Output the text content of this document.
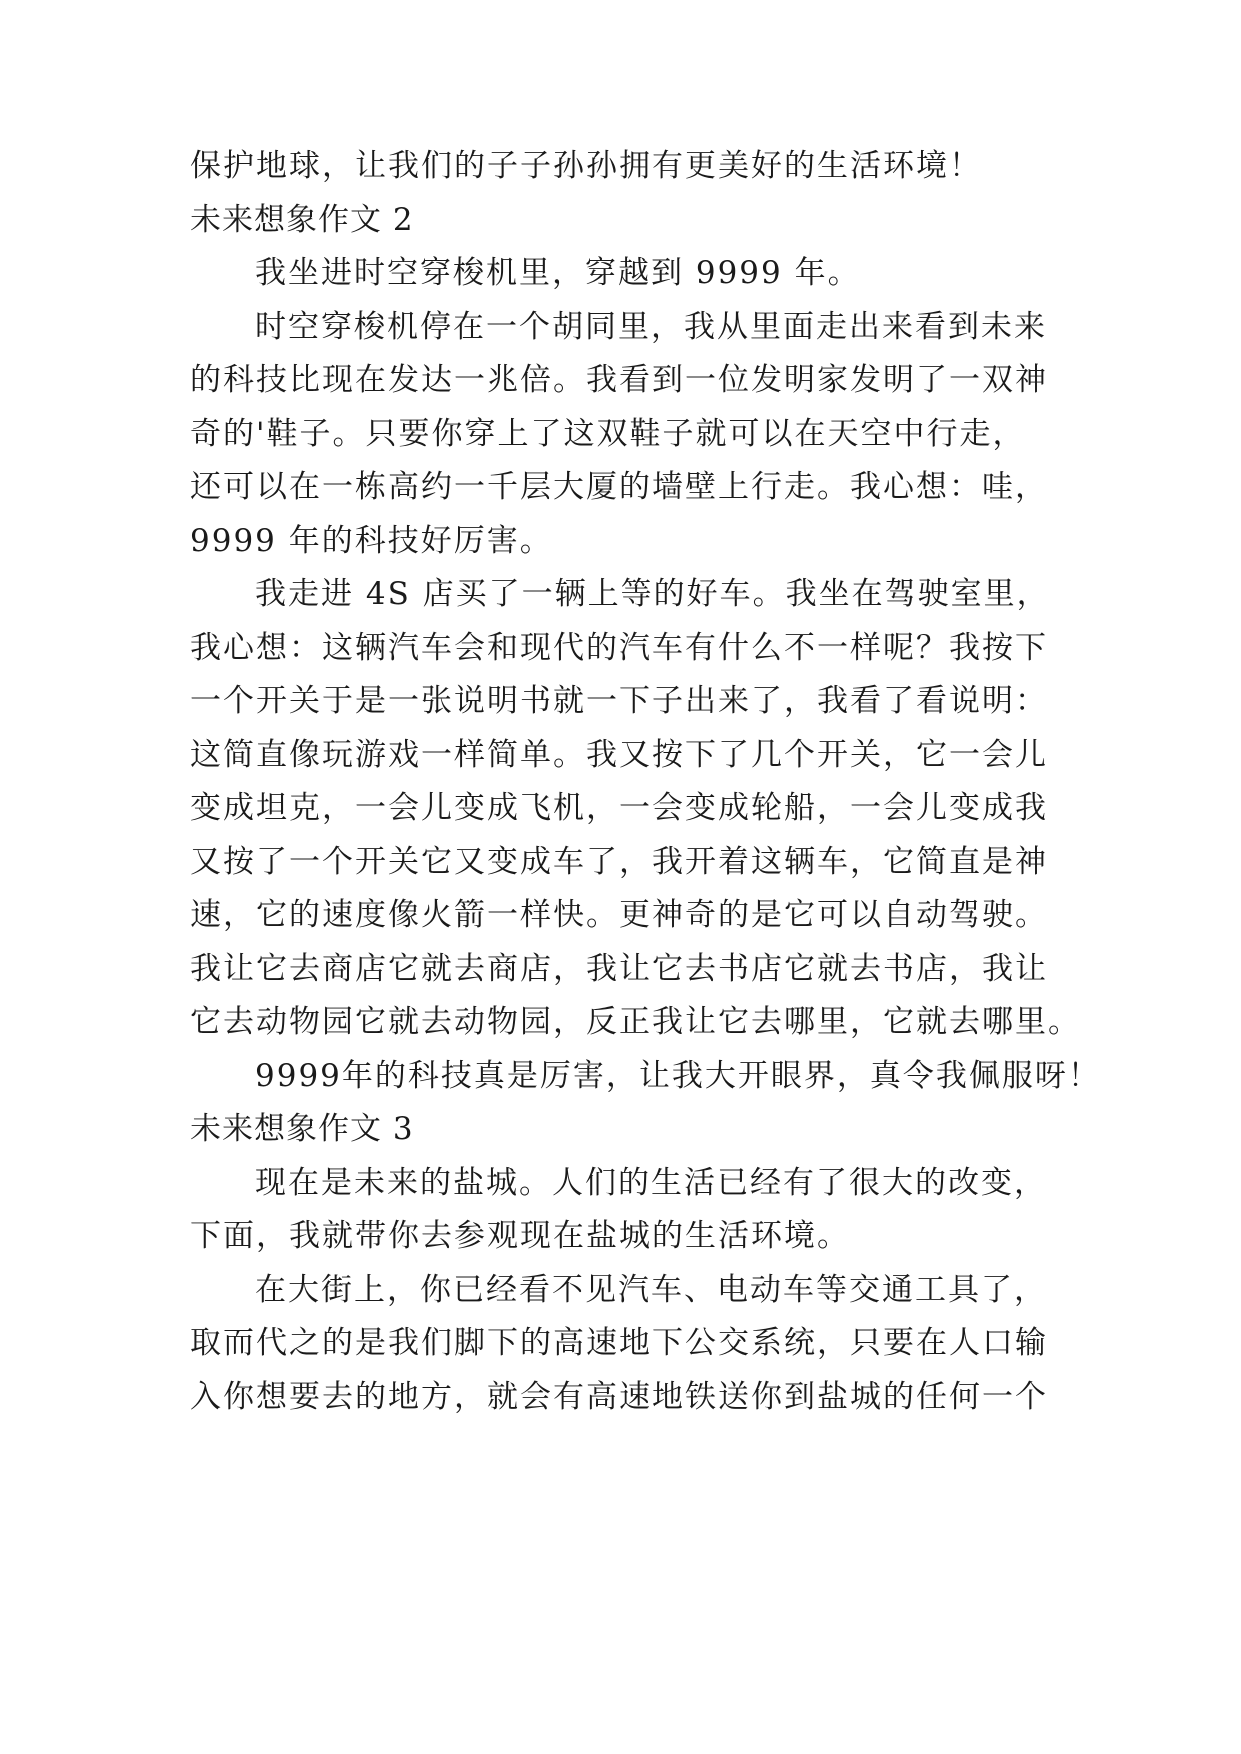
保护地球，让我们的子子孙孙拥有更美好的生活环境！
未来想象作文 2
我坐进时空穿梭机里，穿越到 9999 年。
时空穿梭机停在一个胡同里，我从里面走出来看到未来
的科技比现在发达一兆倍。我看到一位发明家发明了一双神
奇的'鞋子。只要你穿上了这双鞋子就可以在天空中行走，
还可以在一栋高约一千层大厦的墙壁上行走。我心想：哇，
9999 年的科技好厉害。
我走进 4S 店买了一辆上等的好车。我坐在驾驶室里，
我心想：这辆汽车会和现代的汽车有什么不一样呢？我按下
一个开关于是一张说明书就一下子出来了，我看了看说明：
这简直像玩游戏一样简单。我又按下了几个开关，它一会儿
变成坦克，一会儿变成飞机，一会变成轮船，一会儿变成我
又按了一个开关它又变成车了，我开着这辆车，它简直是神
速，它的速度像火箭一样快。更神奇的是它可以自动驾驶。
我让它去商店它就去商店，我让它去书店它就去书店，我让
它去动物园它就去动物园，反正我让它去哪里，它就去哪里。
9999年的科技真是厉害，让我大开眼界，真令我佩服呀！
未来想象作文 3
现在是未来的盐城。人们的生活已经有了很大的改变，
下面，我就带你去参观现在盐城的生活环境。
在大街上，你已经看不见汽车、电动车等交通工具了，
取而代之的是我们脚下的高速地下公交系统，只要在人口输
入你想要去的地方，就会有高速地铁送你到盐城的任何一个
